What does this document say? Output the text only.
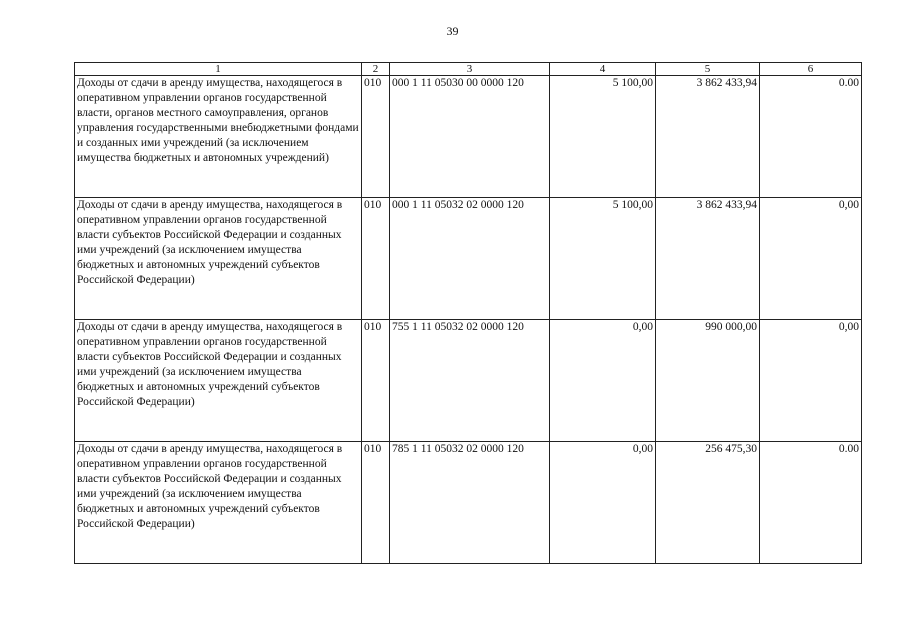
39
1	2	3	4	5	6
Доходы от сдачи в аренду имущества, находящегося в оперативном управлении органов государственной власти, органов местного самоуправления, органов управления государственными внебюджетными фондами и созданных ими учреждений (за исключением имущества бюджетных и автономных учреждений)	010	000 1 11 05030 00 0000 120	5 100,00	3 862 433,94	0.00
Доходы от сдачи в аренду имущества, находящегося в оперативном управлении органов государственной власти субъектов Российской Федерации и созданных ими учреждений (за исключением имущества бюджетных и автономных учреждений субъектов Российской Федерации)	010	000 1 11 05032 02 0000 120	5 100,00	3 862 433,94	0,00
Доходы от сдачи в аренду имущества, находящегося в оперативном управлении органов государственной власти субъектов Российской Федерации и созданных ими учреждений (за исключением имущества бюджетных и автономных учреждений субъектов Российской Федерации)	010	755 1 11 05032 02 0000 120	0,00	990 000,00	0,00
Доходы от сдачи в аренду имущества, находящегося в оперативном управлении органов государственной власти субъектов Российской Федерации и созданных ими учреждений (за исключением имущества бюджетных и автономных учреждений субъектов Российской Федерации)	010	785 1 11 05032 02 0000 120	0,00	256 475,30	0.00
